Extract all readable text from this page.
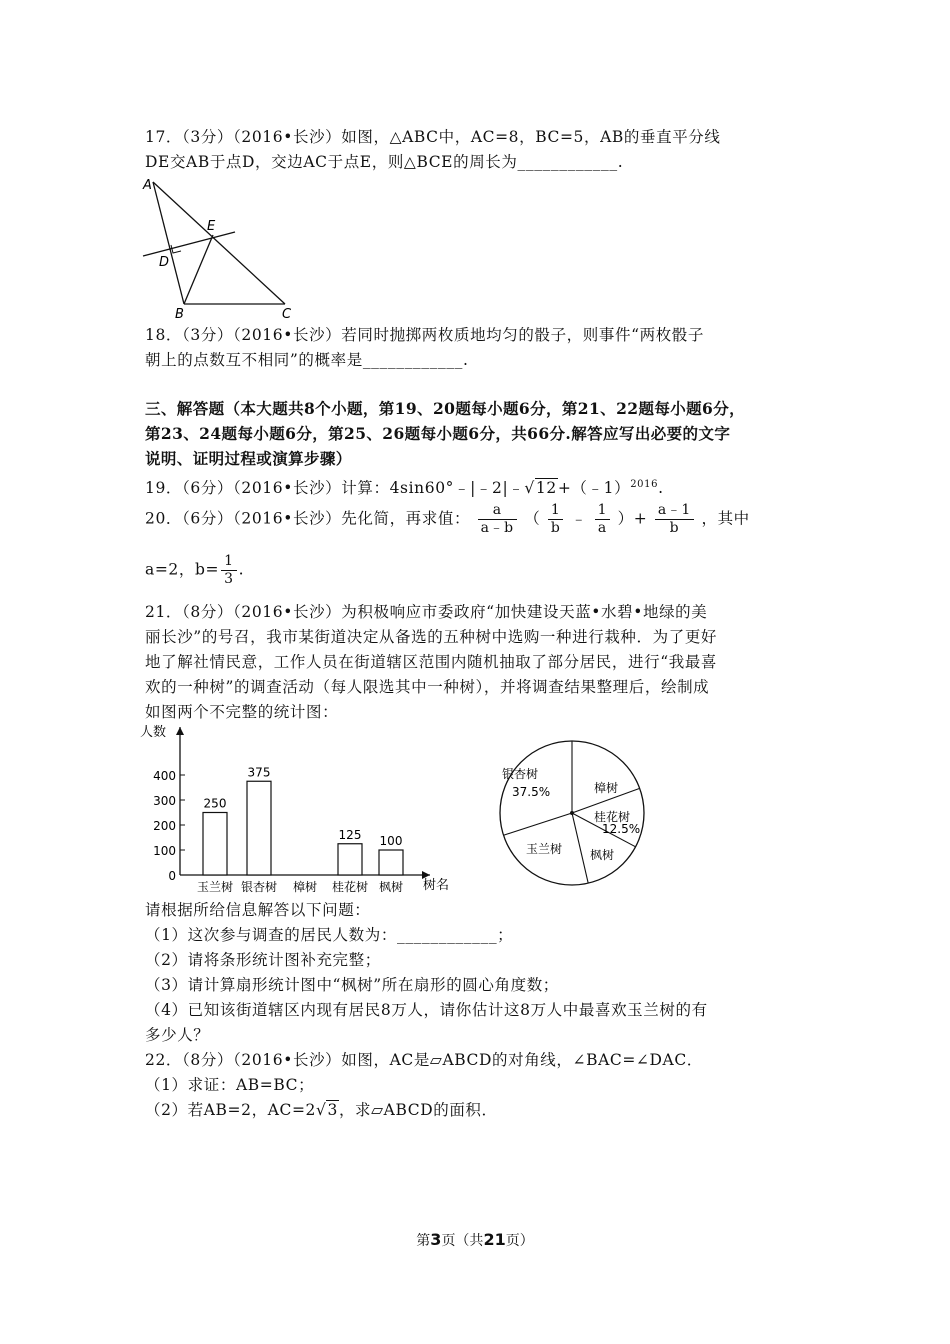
17．（3分）（2016•长沙）如图，△ABC中，AC=8，BC=5，AB的垂直平分线
DE交AB于点D，交边AC于点E，则△BCE的周长为____________.
A
E
D
B	C
18．（3分）（2016•长沙）若同时抛掷两枚质地均匀的骰子，则事件“两枚骰子
朝上的点数互不相同”的概率是____________.
三、解答题（本大题共8个小题，第19、20题每小题6分，第21、22题每小题6分，
第23、24题每小题6分，第25、26题每小题6分，共66分.解答应写出必要的文字
说明、证明过程或演算步骤）
19．（6分）（2016•长沙）计算：4sin60°﹣|﹣2|﹣√12+（﹣1）$^{2016}$.
20．（6分）（2016•长沙）先化简，再求值： $\frac{a}{a﹣b}$ （ $\frac{1}{b}$ ﹣ $\frac{1}{a}$ ）+ $\frac{a﹣1}{b}$ ，其中
a=2，$b= \frac{1}{3}$ .
21．（8分）（2016•长沙）为积极响应市委政府“加快建设天蓝•水碧•地绿的美
丽长沙”的号召，我市某街道决定从备选的五种树中选购一种进行栽种．为了更好
地了解社情民意，工作人员在街道辖区范围内随机抽取了部分居民，进行“我最喜
欢的一种树”的调查活动（每人限选其中一种树），并将调查结果整理后，绘制成
如图两个不完整的统计图：
人数
树名
0
100
200
300
400
250
玉兰树
375
银杏树 樟树
125
桂花树
100
枫树
银杏树
樟树
桂花树
枫树
玉兰树
37.5%
12.5%
请根据所给信息解答以下问题：
（1）这次参与调查的居民人数为：____________；
（2）请将条形统计图补充完整；
（3）请计算扇形统计图中“枫树”所在扇形的圆心角度数；
（4）已知该街道辖区内现有居民8万人，请你估计这8万人中最喜欢玉兰树的有
多少人？
22．（8分）（2016•长沙）如图，AC是▱ABCD的对角线，∠BAC=∠DAC．
（1）求证：AB=BC；
（2）若AB=2，AC=2√3，求▱ABCD的面积．
第3页（共21页）
